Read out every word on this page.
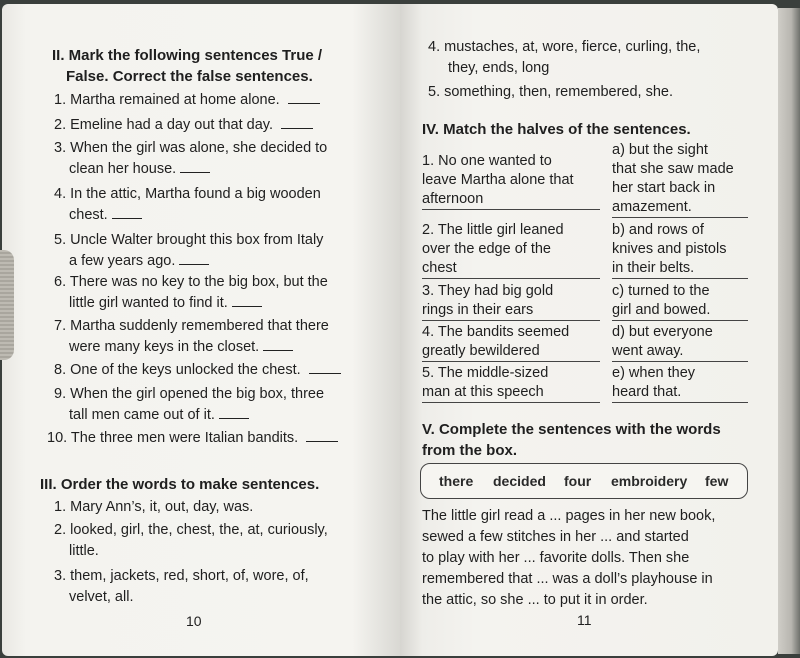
II. Mark the following sentences True /

False. Correct the false sentences.

1. Martha remained at home alone.
2. Emeline had a day out that day.
3. When the girl was alone, she decided to
clean her house.
4. In the attic, Martha found a big wooden
chest.
5. Uncle Walter brought this box from Italy
a few years ago.
6. There was no key to the big box, but the
little girl wanted to find it.
7. Martha suddenly remembered that there
were many keys in the closet.
8. One of the keys unlocked the chest.
9. When the girl opened the big box, three
tall men came out of it.
10. The three men were Italian bandits.

III. Order the words to make sentences.

1. Mary Ann’s, it, out, day, was.
2. looked, girl, the, chest, the, at, curiously,
little.
3. them, jackets, red, short, of, wore, of,
velvet, all.
10
4. mustaches, at, wore, fierce, curling, the,
they, ends, long
5. something, then, remembered, she.

IV. Match the halves of the sentences.

1. No one wanted to
leave Martha alone that
afternoon
a) but the sight
that she saw made
her start back in
amazement.
2. The little girl leaned
over the edge of the
chest
b) and rows of
knives and pistols
in their belts.
3. They had big gold
rings in their ears
c) turned to the
girl and bowed.
4. The bandits seemed
greatly bewildered
d) but everyone
went away.
5. The middle-sized
man at this speech
e) when they
heard that.

V. Complete the sentences with the words

from the box.

there decided four embroidery few
The little girl read a ... pages in her new book,
sewed a few stitches in her ... and started
to play with her ... favorite dolls. Then she
remembered that ... was a doll’s playhouse in
the attic, so she ... to put it in order.
11
